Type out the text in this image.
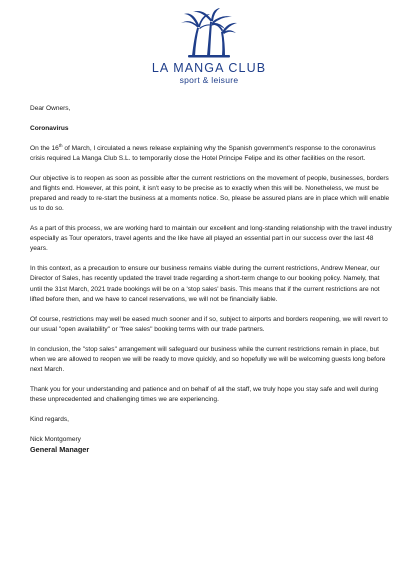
LA MANGA CLUB
sport & leisure

Dear Owners,

Coronavirus

On the 16th of March, I circulated a news release explaining why the Spanish government's response to the coronavirus crisis required La Manga Club S.L. to temporarily close the Hotel Principe Felipe and its other facilities on the resort.

Our objective is to reopen as soon as possible after the current restrictions on the movement of people, businesses, borders and flights end. However, at this point, it isn't easy to be precise as to exactly when this will be. Nonetheless, we must be prepared and ready to re-start the business at a moments notice. So, please be assured plans are in place which will enable us to do so.

As a part of this process, we are working hard to maintain our excellent and long-standing relationship with the travel industry especially as Tour operators, travel agents and the like have all played an essential part in our success over the last 48 years.

In this context, as a precaution to ensure our business remains viable during the current restrictions, Andrew Menear, our Director of Sales, has recently updated the travel trade regarding a short-term change to our booking policy. Namely, that until the 31st March, 2021 trade bookings will be on a 'stop sales' basis. This means that if the current restrictions are not lifted before then, and we have to cancel reservations, we will not be financially liable.

Of course, restrictions may well be eased much sooner and if so, subject to airports and borders reopening, we will revert to our usual "open availability" or "free sales" booking terms with our trade partners.

In conclusion, the "stop sales" arrangement will safeguard our business while the current restrictions remain in place, but when we are allowed to reopen we will be ready to move quickly, and so hopefully we will be welcoming guests long before next March.

Thank you for your understanding and patience and on behalf of all the staff, we truly hope you stay safe and well during these unprecedented and challenging times we are experiencing.

Kind regards,

Nick Montgomery

General Manager
